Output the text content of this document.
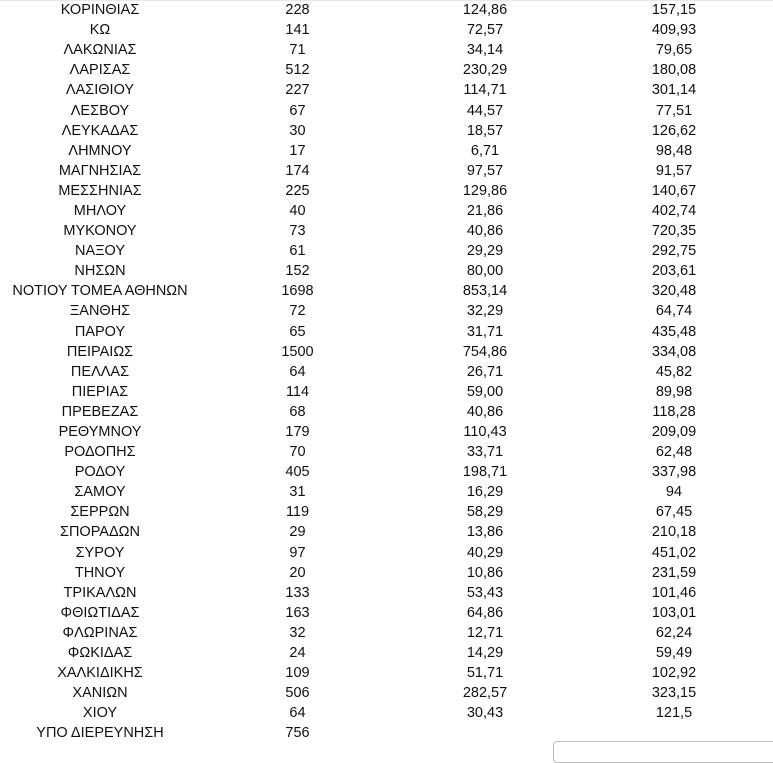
ΚΟΡΙΝΘΙΑΣ	228	124,86	157,15
ΚΩ	141	72,57	409,93
ΛΑΚΩΝΙΑΣ	71	34,14	79,65
ΛΑΡΙΣΑΣ	512	230,29	180,08
ΛΑΣΙΘΙΟΥ	227	114,71	301,14
ΛΕΣΒΟΥ	67	44,57	77,51
ΛΕΥΚΑΔΑΣ	30	18,57	126,62
ΛΗΜΝΟΥ	17	6,71	98,48
ΜΑΓΝΗΣΙΑΣ	174	97,57	91,57
ΜΕΣΣΗΝΙΑΣ	225	129,86	140,67
ΜΗΛΟΥ	40	21,86	402,74
ΜΥΚΟΝΟΥ	73	40,86	720,35
ΝΑΞΟΥ	61	29,29	292,75
ΝΗΣΩΝ	152	80,00	203,61
ΝΟΤΙΟΥ ΤΟΜΕΑ ΑΘΗΝΩΝ	1698	853,14	320,48
ΞΑΝΘΗΣ	72	32,29	64,74
ΠΑΡΟΥ	65	31,71	435,48
ΠΕΙΡΑΙΩΣ	1500	754,86	334,08
ΠΕΛΛΑΣ	64	26,71	45,82
ΠΙΕΡΙΑΣ	114	59,00	89,98
ΠΡΕΒΕΖΑΣ	68	40,86	118,28
ΡΕΘΥΜΝΟΥ	179	110,43	209,09
ΡΟΔΟΠΗΣ	70	33,71	62,48
ΡΟΔΟΥ	405	198,71	337,98
ΣΑΜΟΥ	31	16,29	94
ΣΕΡΡΩΝ	119	58,29	67,45
ΣΠΟΡΑΔΩΝ	29	13,86	210,18
ΣΥΡΟΥ	97	40,29	451,02
ΤΗΝΟΥ	20	10,86	231,59
ΤΡΙΚΑΛΩΝ	133	53,43	101,46
ΦΘΙΩΤΙΔΑΣ	163	64,86	103,01
ΦΛΩΡΙΝΑΣ	32	12,71	62,24
ΦΩΚΙΔΑΣ	24	14,29	59,49
ΧΑΛΚΙΔΙΚΗΣ	109	51,71	102,92
ΧΑΝΙΩΝ	506	282,57	323,15
ΧΙΟΥ	64	30,43	121,5
ΥΠΟ ΔΙΕΡΕΥΝΗΣΗ	756		
